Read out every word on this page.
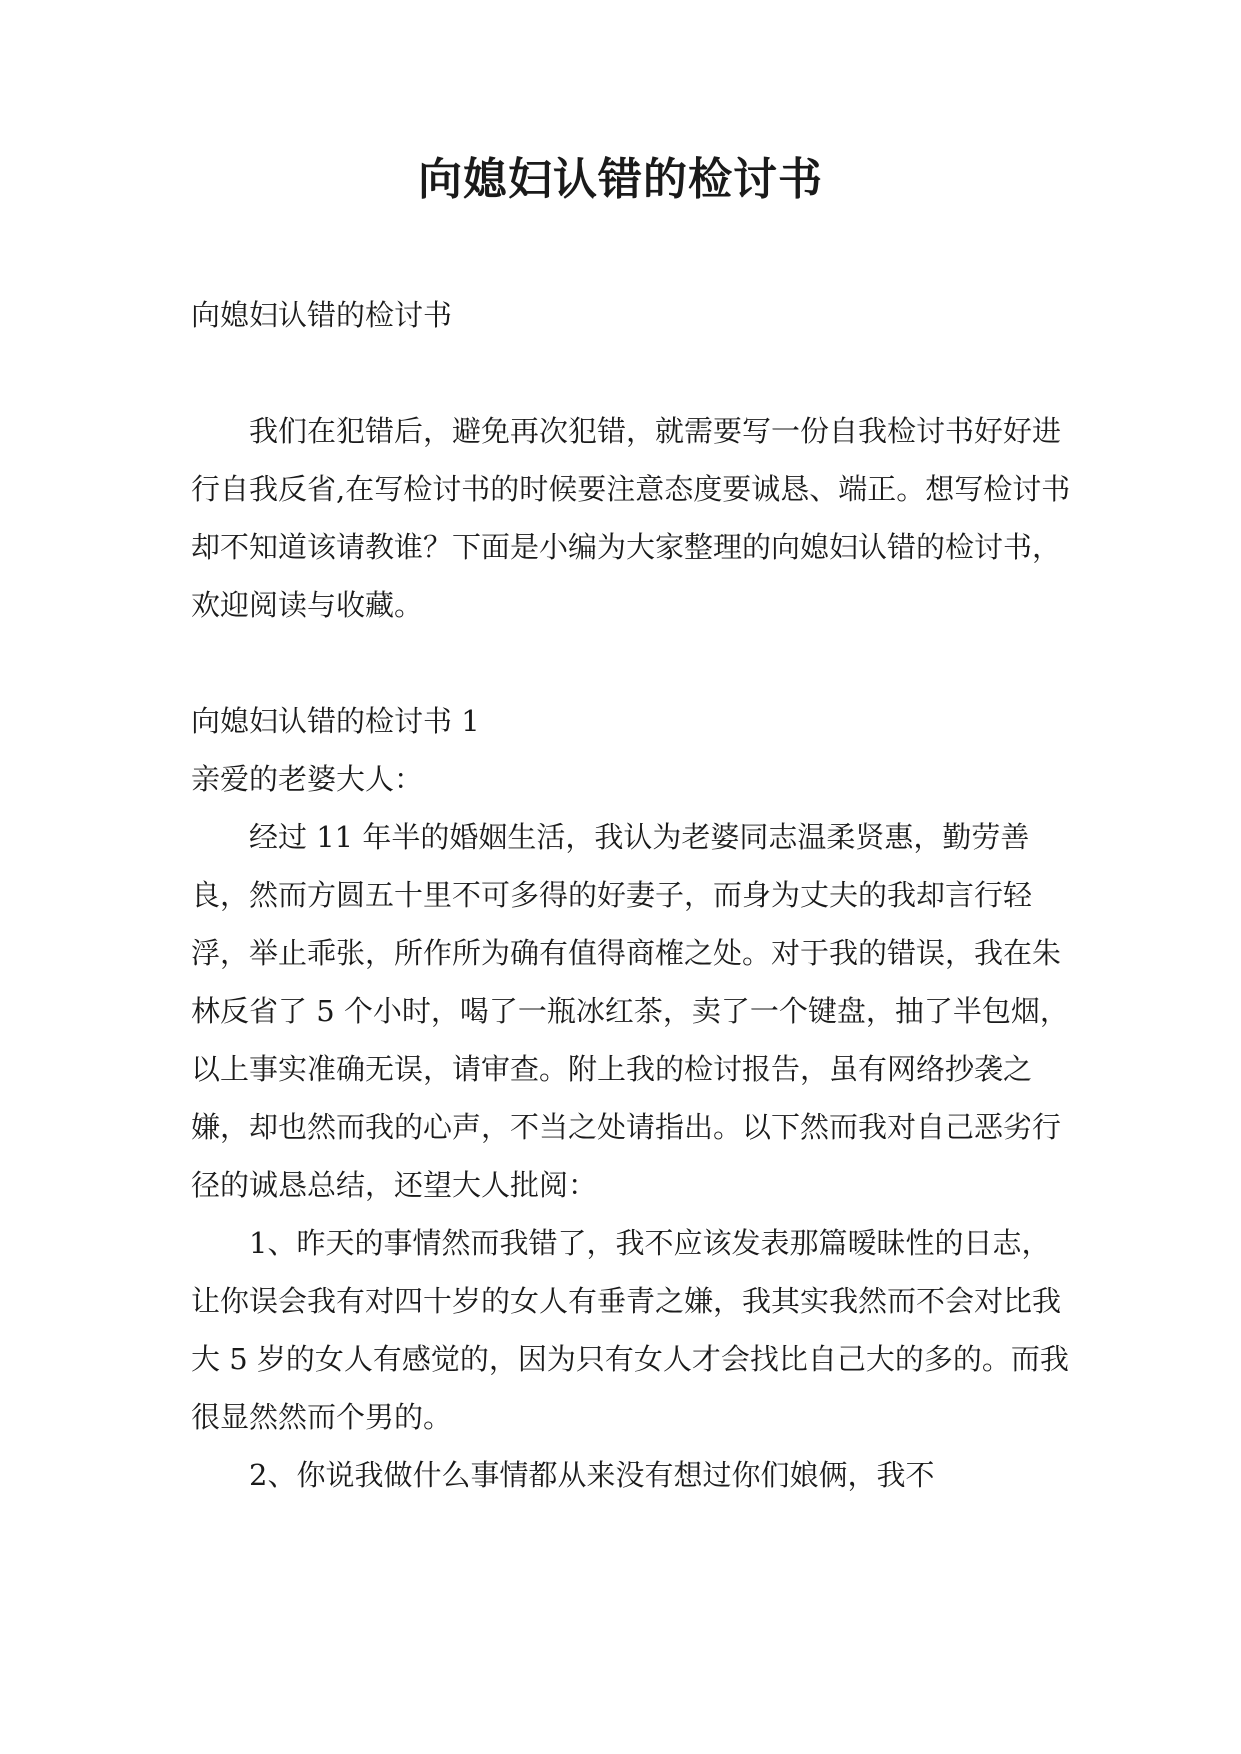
向媳妇认错的检讨书

向媳妇认错的检讨书

我们在犯错后，避免再次犯错，就需要写一份自我检讨书好好进行自我反省,在写检讨书的时候要注意态度要诚恳、端正。想写检讨书却不知道该请教谁？下面是小编为大家整理的向媳妇认错的检讨书，欢迎阅读与收藏。

向媳妇认错的检讨书 1

亲爱的老婆大人：

经过 11 年半的婚姻生活，我认为老婆同志温柔贤惠，勤劳善良，然而方圆五十里不可多得的好妻子，而身为丈夫的我却言行轻浮，举止乖张，所作所为确有值得商榷之处。对于我的错误，我在朱林反省了 5 个小时，喝了一瓶冰红茶，卖了一个键盘，抽了半包烟，以上事实准确无误，请审查。附上我的检讨报告，虽有网络抄袭之嫌，却也然而我的心声，不当之处请指出。以下然而我对自己恶劣行径的诚恳总结，还望大人批阅：

1、昨天的事情然而我错了，我不应该发表那篇暧昧性的日志，让你误会我有对四十岁的女人有垂青之嫌，我其实我然而不会对比我大 5 岁的女人有感觉的，因为只有女人才会找比自己大的多的。而我很显然然而个男的。

2、你说我做什么事情都从来没有想过你们娘俩，我不
